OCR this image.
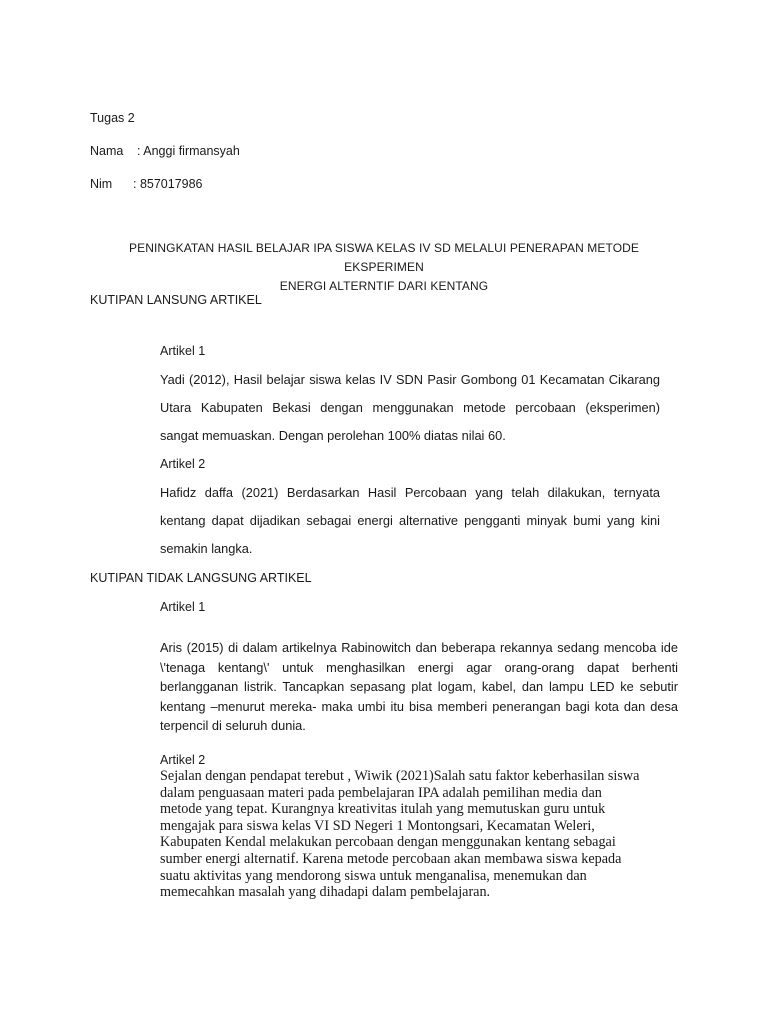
Tugas 2
Nama : Anggi firmansyah
Nim : 857017986
PENINGKATAN HASIL BELAJAR IPA SISWA KELAS IV SD MELALUI PENERAPAN METODE EKSPERIMEN
ENERGI ALTERNTIF DARI KENTANG
KUTIPAN LANSUNG ARTIKEL
Artikel 1
Yadi (2012), Hasil belajar siswa kelas IV SDN Pasir Gombong 01 Kecamatan Cikarang Utara Kabupaten Bekasi dengan menggunakan metode percobaan (eksperimen) sangat memuaskan. Dengan perolehan 100% diatas nilai 60.
Artikel 2
Hafidz daffa (2021) Berdasarkan Hasil Percobaan yang telah dilakukan, ternyata kentang dapat dijadikan sebagai energi alternative pengganti minyak bumi yang kini semakin langka.
KUTIPAN TIDAK LANGSUNG ARTIKEL
Artikel 1
Aris (2015) di dalam artikelnya Rabinowitch dan beberapa rekannya sedang mencoba ide \'tenaga kentang\' untuk menghasilkan energi agar orang-orang dapat berhenti berlangganan listrik. Tancapkan sepasang plat logam, kabel, dan lampu LED ke sebutir kentang –menurut mereka- maka umbi itu bisa memberi penerangan bagi kota dan desa terpencil di seluruh dunia.
Artikel 2
Sejalan dengan pendapat terebut , Wiwik (2021)Salah satu faktor keberhasilan siswa
dalam penguasaan materi pada pembelajaran IPA adalah pemilihan media dan
metode yang tepat. Kurangnya kreativitas itulah yang memutuskan guru untuk
mengajak para siswa kelas VI SD Negeri 1 Montongsari, Kecamatan Weleri,
Kabupaten Kendal melakukan percobaan dengan menggunakan kentang sebagai
sumber energi alternatif. Karena metode percobaan akan membawa siswa kepada
suatu aktivitas yang mendorong siswa untuk menganalisa, menemukan dan
memecahkan masalah yang dihadapi dalam pembelajaran.
